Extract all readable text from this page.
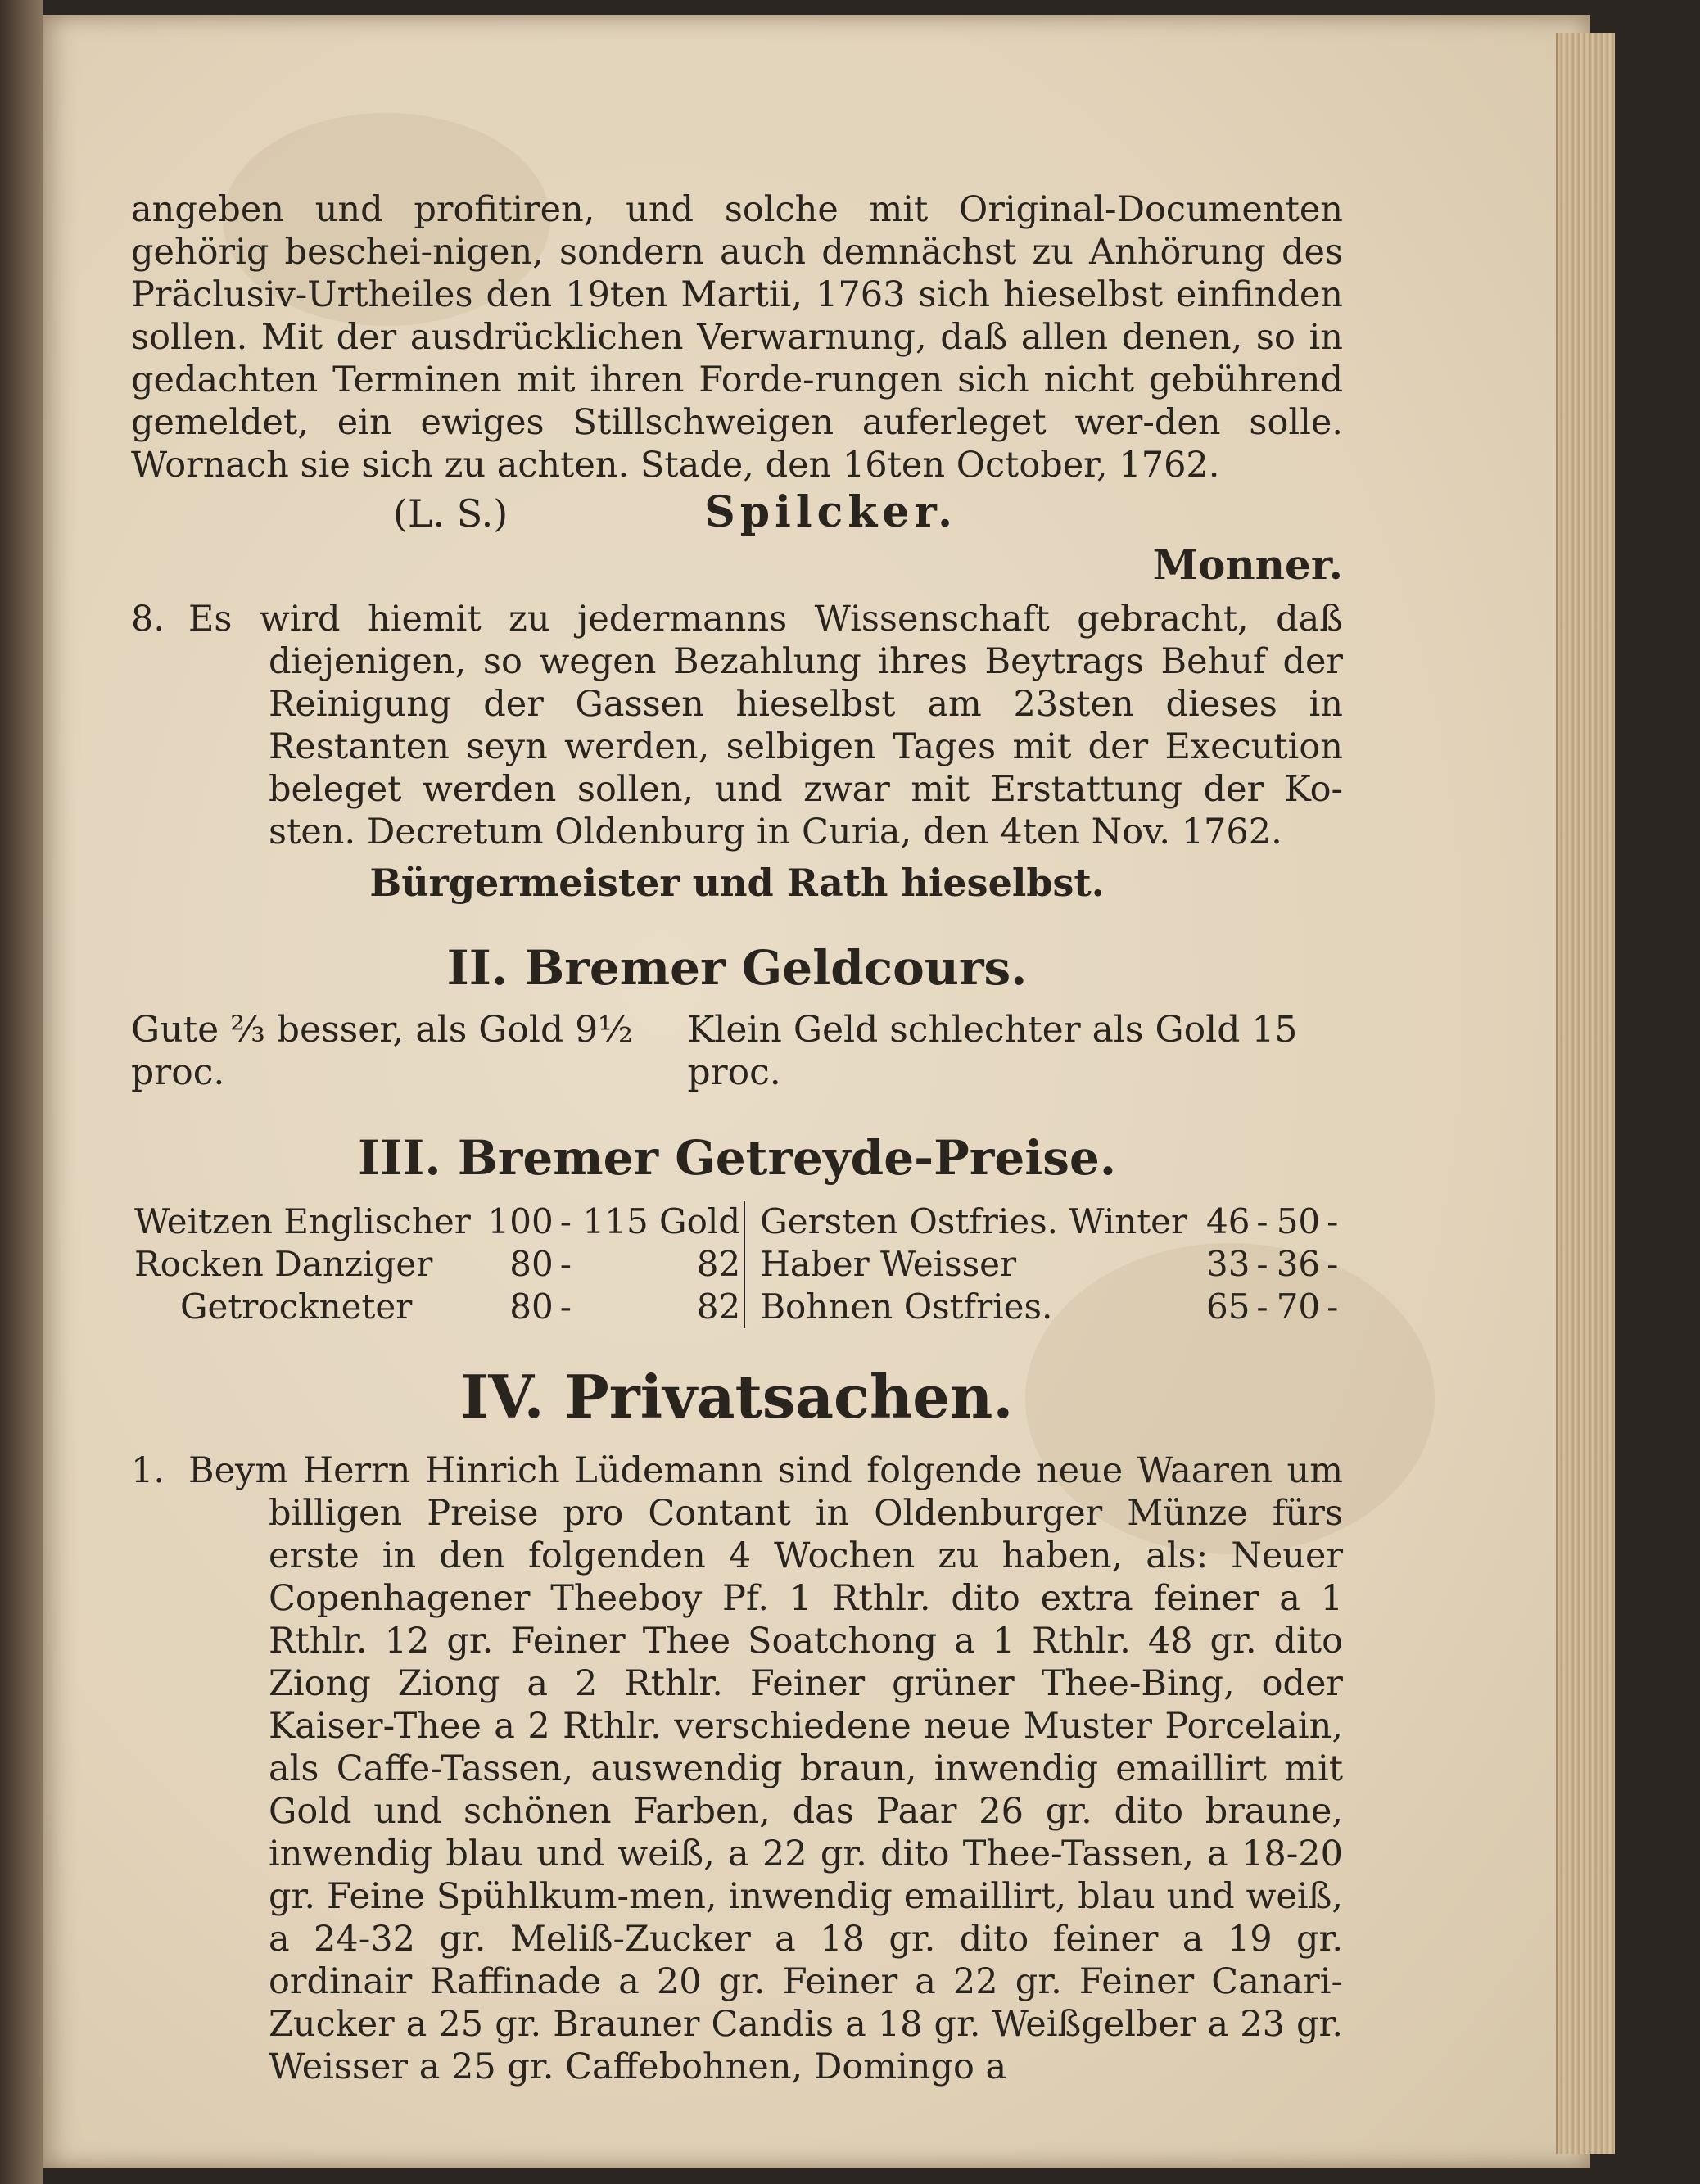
angeben und profitiren, und solche mit Original-Documenten gehörig beschei-nigen, sondern auch demnächst zu Anhörung des Präclusiv-Urtheiles den 19ten Martii, 1763 sich hieselbst einfinden sollen. Mit der ausdrücklichen Verwarnung, daß allen denen, so in gedachten Terminen mit ihren Forde-rungen sich nicht gebührend gemeldet, ein ewiges Stillschweigen auferleget wer-den solle. Wornach sie sich zu achten. Stade, den 16ten October, 1762.

(L. S.)	Spilcker.
Monner.

8. Es wird hiemit zu jedermanns Wissenschaft gebracht, daß diejenigen, so wegen Bezahlung ihres Beytrags Behuf der Reinigung der Gassen hieselbst am 23sten dieses in Restanten seyn werden, selbigen Tages mit der Execution beleget werden sollen, und zwar mit Erstattung der Ko-sten. Decretum Oldenburg in Curia, den 4ten Nov. 1762.

Bürgermeister und Rath hieselbst.
II. Bremer Geldcours.
Gute ⅔ besser, als Gold 9½ proc.
Klein Geld schlechter als Gold 15 proc.
III. Bremer Getreyde-Preise.
Weitzen Englischer	100	-	115 Gold		Gersten Ostfries. Winter	46	-	50	-
Rocken Danziger	80	-	82		Haber Weisser	33	-	36	-
Getrockneter	80	-	82		Bohnen Ostfries.	65	-	70	-
IV. Privatsachen.

1. Beym Herrn Hinrich Lüdemann sind folgende neue Waaren um billigen Preise pro Contant in Oldenburger Münze fürs erste in den folgenden 4 Wochen zu haben, als: Neuer Copenhagener Theeboy Pf. 1 Rthlr. dito extra feiner a 1 Rthlr. 12 gr. Feiner Thee Soatchong a 1 Rthlr. 48 gr. dito Ziong Ziong a 2 Rthlr. Feiner grüner Thee-Bing, oder Kaiser-Thee a 2 Rthlr. verschiedene neue Muster Porcelain, als Caffe-Tassen, auswendig braun, inwendig emaillirt mit Gold und schönen Farben, das Paar 26 gr. dito braune, inwendig blau und weiß, a 22 gr. dito Thee-Tassen, a 18-20 gr. Feine Spühlkum-men, inwendig emaillirt, blau und weiß, a 24-32 gr. Meliß-Zucker a 18 gr. dito feiner a 19 gr. ordinair Raffinade a 20 gr. Feiner a 22 gr. Feiner Canari-Zucker a 25 gr. Brauner Candis a 18 gr. Weißgelber a 23 gr. Weisser a 25 gr. Caffebohnen, Domingo a
